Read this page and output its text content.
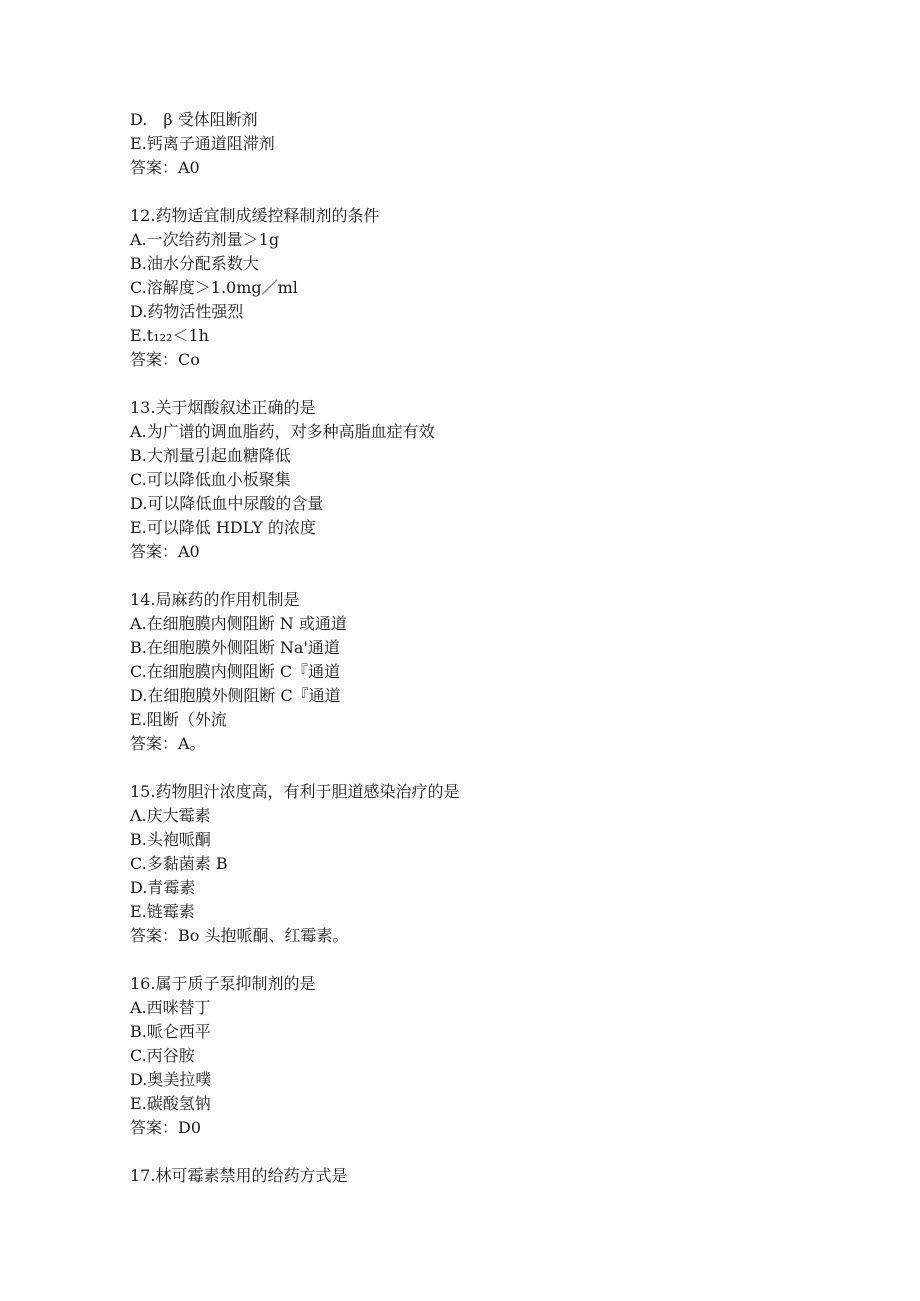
D.　β 受体阻断剂
E.钙离子通道阻滞剂
答案：A0
12.药物适宜制成缓控释制剂的条件
A.一次给药剂量＞1g
B.油水分配系数大
C.溶解度＞1.0mg／ml
D.药物活性强烈
E.t₁₂₂＜1h
答案：Co
13.关于烟酸叙述正确的是
A.为广谱的调血脂药，对多种高脂血症有效
B.大剂量引起血糖降低
C.可以降低血小板聚集
D.可以降低血中尿酸的含量
E.可以降低 HDLY 的浓度
答案：A0
14.局麻药的作用机制是
A.在细胞膜内侧阻断 N 或通道
B.在细胞膜外侧阻断 Na'通道
C.在细胞膜内侧阻断 C『通道
D.在细胞膜外侧阻断 C『通道
E.阻断（外流
答案：A。
15.药物胆汁浓度高，有利于胆道感染治疗的是
Λ.庆大霉素
B.头袍哌酮
C.多黏菌素 B
D.青霉素
E.链霉素
答案：Bo 头抱哌酮、红霉素。
16.属于质子泵抑制剂的是
A.西咪替丁
B.哌仑西平
C.丙谷胺
D.奥美拉噗
E.碳酸氢钠
答案：D0
17.林可霉素禁用的给药方式是
